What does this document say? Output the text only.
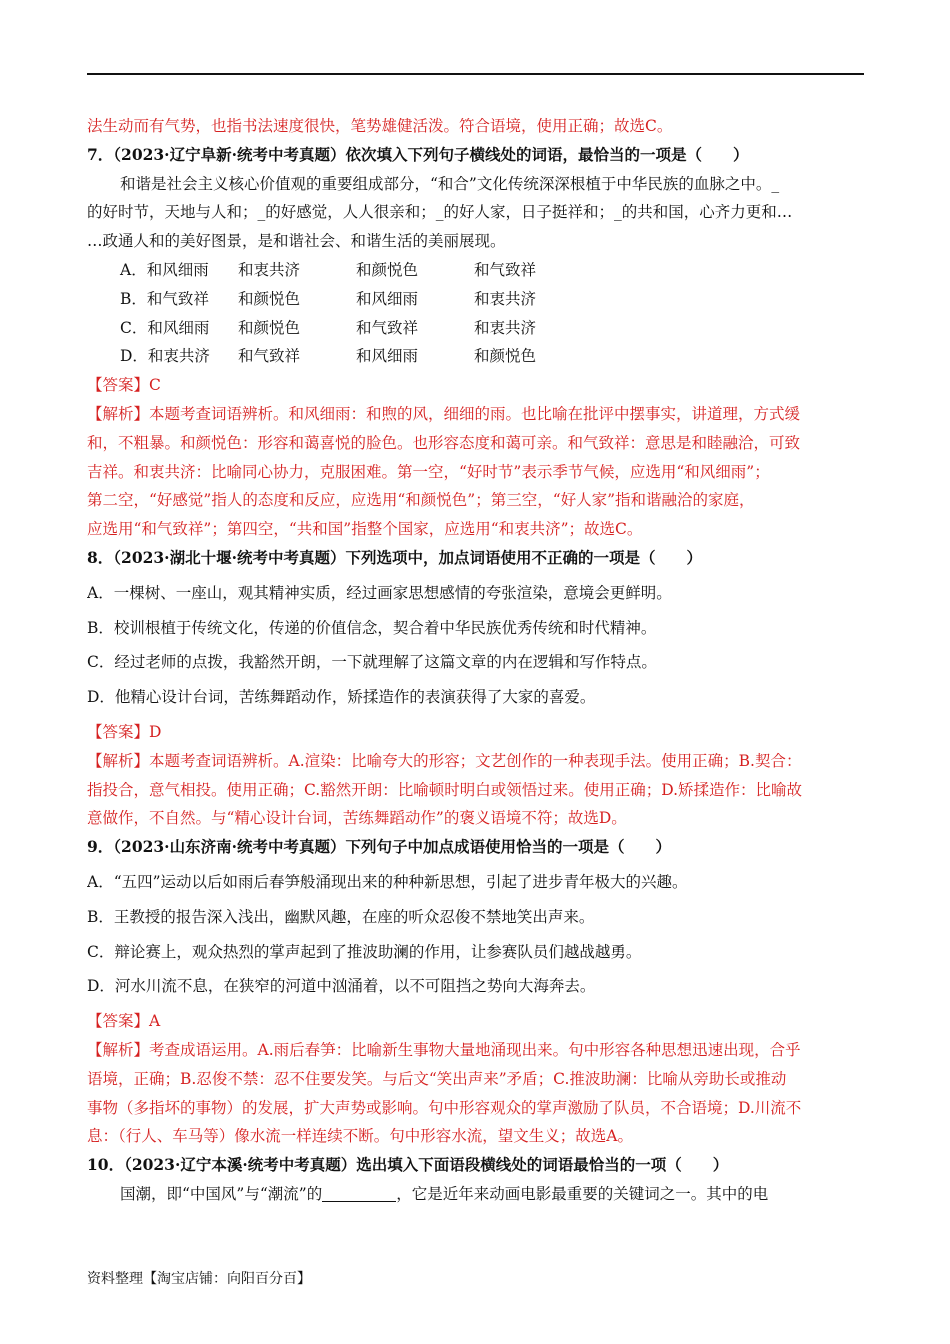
法生动而有气势，也指书法速度很快，笔势雄健活泼。符合语境，使用正确；故选C。

7．（2023·辽宁阜新·统考中考真题）依次填入下列句子横线处的词语，最恰当的一项是（　　）

和谐是社会主义核心价值观的重要组成部分，“和合”文化传统深深根植于中华民族的血脉之中。_

的好时节，天地与人和；_的好感觉，人人很亲和；_的好人家，日子挺祥和；_的共和国，心齐力更和…

…政通人和的美好图景，是和谐社会、和谐生活的美丽展现。

A．和风细雨	和衷共济	和颜悦色	和气致祥
B．和气致祥	和颜悦色	和风细雨	和衷共济
C．和风细雨	和颜悦色	和气致祥	和衷共济
D．和衷共济	和气致祥	和风细雨	和颜悦色

【答案】C

【解析】本题考查词语辨析。和风细雨：和煦的风，细细的雨。也比喻在批评中摆事实，讲道理，方式缓

和，不粗暴。和颜悦色：形容和蔼喜悦的脸色。也形容态度和蔼可亲。和气致祥：意思是和睦融洽，可致

吉祥。和衷共济：比喻同心协力，克服困难。第一空，“好时节”表示季节气候，应选用“和风细雨”；

第二空，“好感觉”指人的态度和反应，应选用“和颜悦色”；第三空，“好人家”指和谐融洽的家庭，

应选用“和气致祥”；第四空，“共和国”指整个国家，应选用“和衷共济”；故选C。

8．（2023·湖北十堰·统考中考真题）下列选项中，加点词语使用不正确的一项是（　　）

A．一棵树、一座山，观其精神实质，经过画家思想感情的夸张渲染，意境会更鲜明。

B．校训根植于传统文化，传递的价值信念，契合着中华民族优秀传统和时代精神。

C．经过老师的点拨，我豁然开朗，一下就理解了这篇文章的内在逻辑和写作特点。

D．他精心设计台词，苦练舞蹈动作，矫揉造作的表演获得了大家的喜爱。

【答案】D

【解析】本题考查词语辨析。A.渲染：比喻夸大的形容；文艺创作的一种表现手法。使用正确；B.契合：

指投合，意气相投。使用正确；C.豁然开朗：比喻顿时明白或领悟过来。使用正确；D.矫揉造作：比喻故

意做作，不自然。与“精心设计台词，苦练舞蹈动作”的褒义语境不符；故选D。

9．（2023·山东济南·统考中考真题）下列句子中加点成语使用恰当的一项是（　　）

A．“五四”运动以后如雨后春笋般涌现出来的种种新思想，引起了进步青年极大的兴趣。

B．王教授的报告深入浅出，幽默风趣，在座的听众忍俊不禁地笑出声来。

C．辩论赛上，观众热烈的掌声起到了推波助澜的作用，让参赛队员们越战越勇。

D．河水川流不息，在狭窄的河道中汹涌着，以不可阻挡之势向大海奔去。

【答案】A

【解析】考查成语运用。A.雨后春笋：比喻新生事物大量地涌现出来。句中形容各种思想迅速出现，合乎

语境，正确；B.忍俊不禁：忍不住要发笑。与后文“笑出声来”矛盾；C.推波助澜：比喻从旁助长或推动

事物（多指坏的事物）的发展，扩大声势或影响。句中形容观众的掌声激励了队员，不合语境；D.川流不

息：（行人、车马等）像水流一样连续不断。句中形容水流，望文生义；故选A。

10．（2023·辽宁本溪·统考中考真题）选出填入下面语段横线处的词语最恰当的一项（　　）

国潮，即“中国风”与“潮流”的	，它是近年来动画电影最重要的关键词之一。其中的电

资料整理【淘宝店铺：向阳百分百】
